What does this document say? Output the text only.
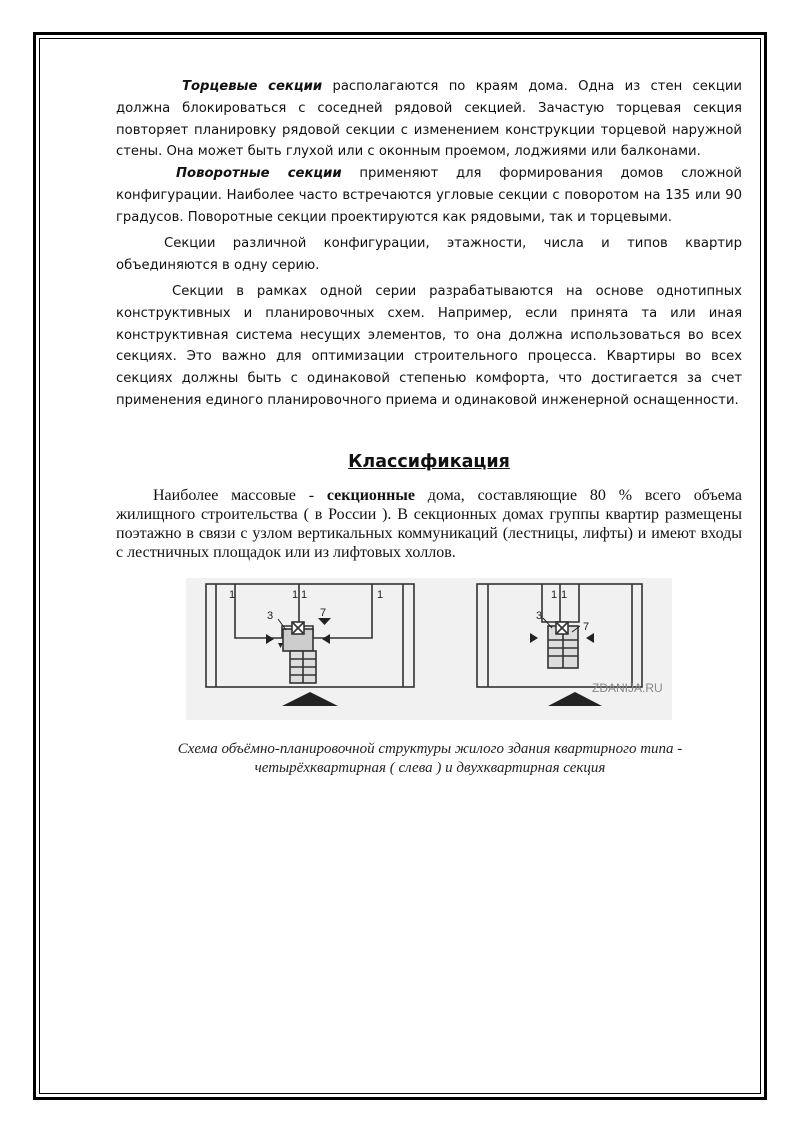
Торцевые секции располагаются по краям дома. Одна из стен секции должна блокироваться с соседней рядовой секцией. Зачастую торцевая секция повторяет планировку рядовой секции с изменением конструкции торцевой наружной стены. Она может быть глухой или с оконным проемом, лоджиями или балконами.

Поворотные секции применяют для формирования домов сложной конфигурации. Наиболее часто встречаются угловые секции с поворотом на 135 или 90 градусов. Поворотные секции проектируются как рядовыми, так и торцевыми.

Секции различной конфигурации, этажности, числа и типов квартир объединяются в одну серию.

Секции в рамках одной серии разрабатываются на основе однотипных конструктивных и планировочных схем. Например, если принята та или иная конструктивная система несущих элементов, то она должна использоваться во всех секциях. Это важно для оптимизации строительного процесса. Квартиры во всех секциях должны быть с одинаковой степенью комфорта, что достигается за счет применения единого планировочного приема и одинаковой инженерной оснащенности.

Классификация

Наиболее массовые - секционные дома, составляющие 80 % всего объема жилищного строительства ( в России ). В секционных домах группы квартир размещены поэтажно в связи с узлом вертикальных коммуникаций (лестницы, лифты) и имеют входы с лестничных площадок или из лифтовых холлов.

1	1 1	1
3	7
1 1
3
7
ZDANIJA.RU

Схема объёмно-планировочной структуры жилого здания квартирного типа - четырёхквартирная ( слева ) и двухквартирная секция
